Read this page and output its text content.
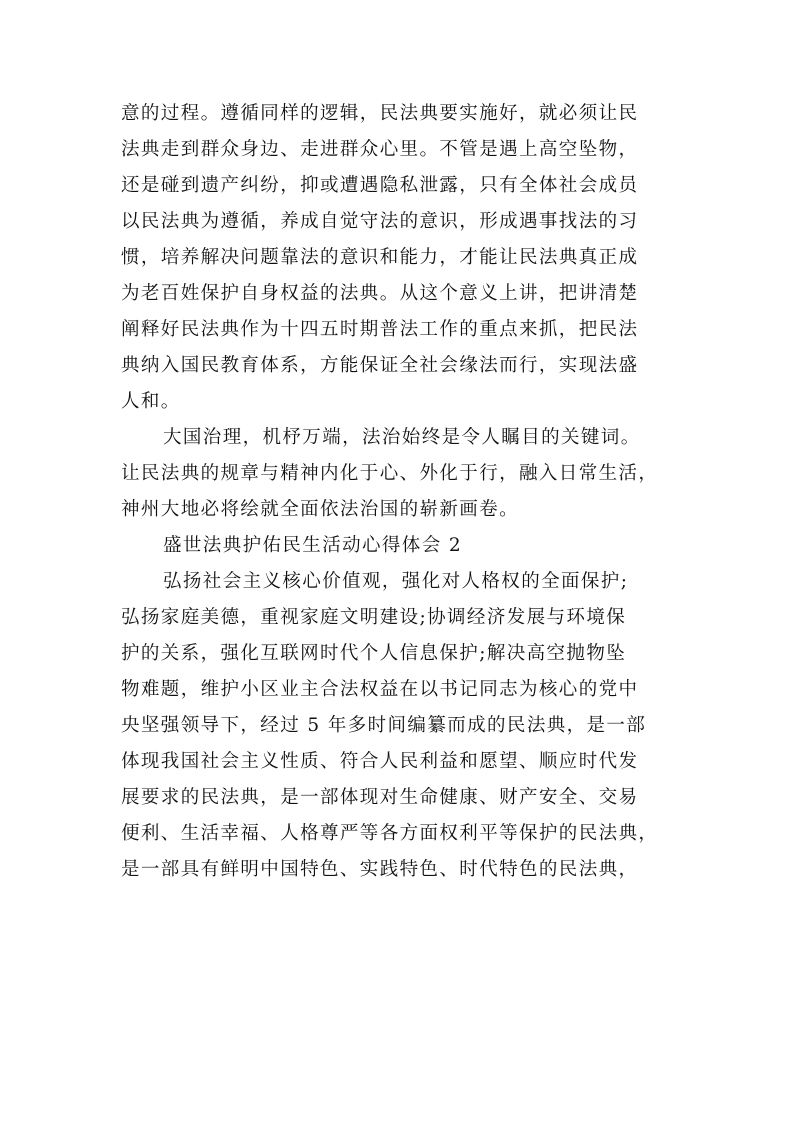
意的过程。遵循同样的逻辑，民法典要实施好，就必须让民
法典走到群众身边、走进群众心里。不管是遇上高空坠物，
还是碰到遗产纠纷，抑或遭遇隐私泄露，只有全体社会成员
以民法典为遵循，养成自觉守法的意识，形成遇事找法的习
惯，培养解决问题靠法的意识和能力，才能让民法典真正成
为老百姓保护自身权益的法典。从这个意义上讲，把讲清楚
阐释好民法典作为十四五时期普法工作的重点来抓，把民法
典纳入国民教育体系，方能保证全社会缘法而行，实现法盛
人和。
大国治理，机杼万端，法治始终是令人瞩目的关键词。
让民法典的规章与精神内化于心、外化于行，融入日常生活，
神州大地必将绘就全面依法治国的崭新画卷。
盛世法典护佑民生活动心得体会 2
弘扬社会主义核心价值观，强化对人格权的全面保护;
弘扬家庭美德，重视家庭文明建设;协调经济发展与环境保
护的关系，强化互联网时代个人信息保护;解决高空抛物坠
物难题，维护小区业主合法权益在以书记同志为核心的党中
央坚强领导下，经过 5 年多时间编纂而成的民法典，是一部
体现我国社会主义性质、符合人民利益和愿望、顺应时代发
展要求的民法典，是一部体现对生命健康、财产安全、交易
便利、生活幸福、人格尊严等各方面权利平等保护的民法典，
是一部具有鲜明中国特色、实践特色、时代特色的民法典，
